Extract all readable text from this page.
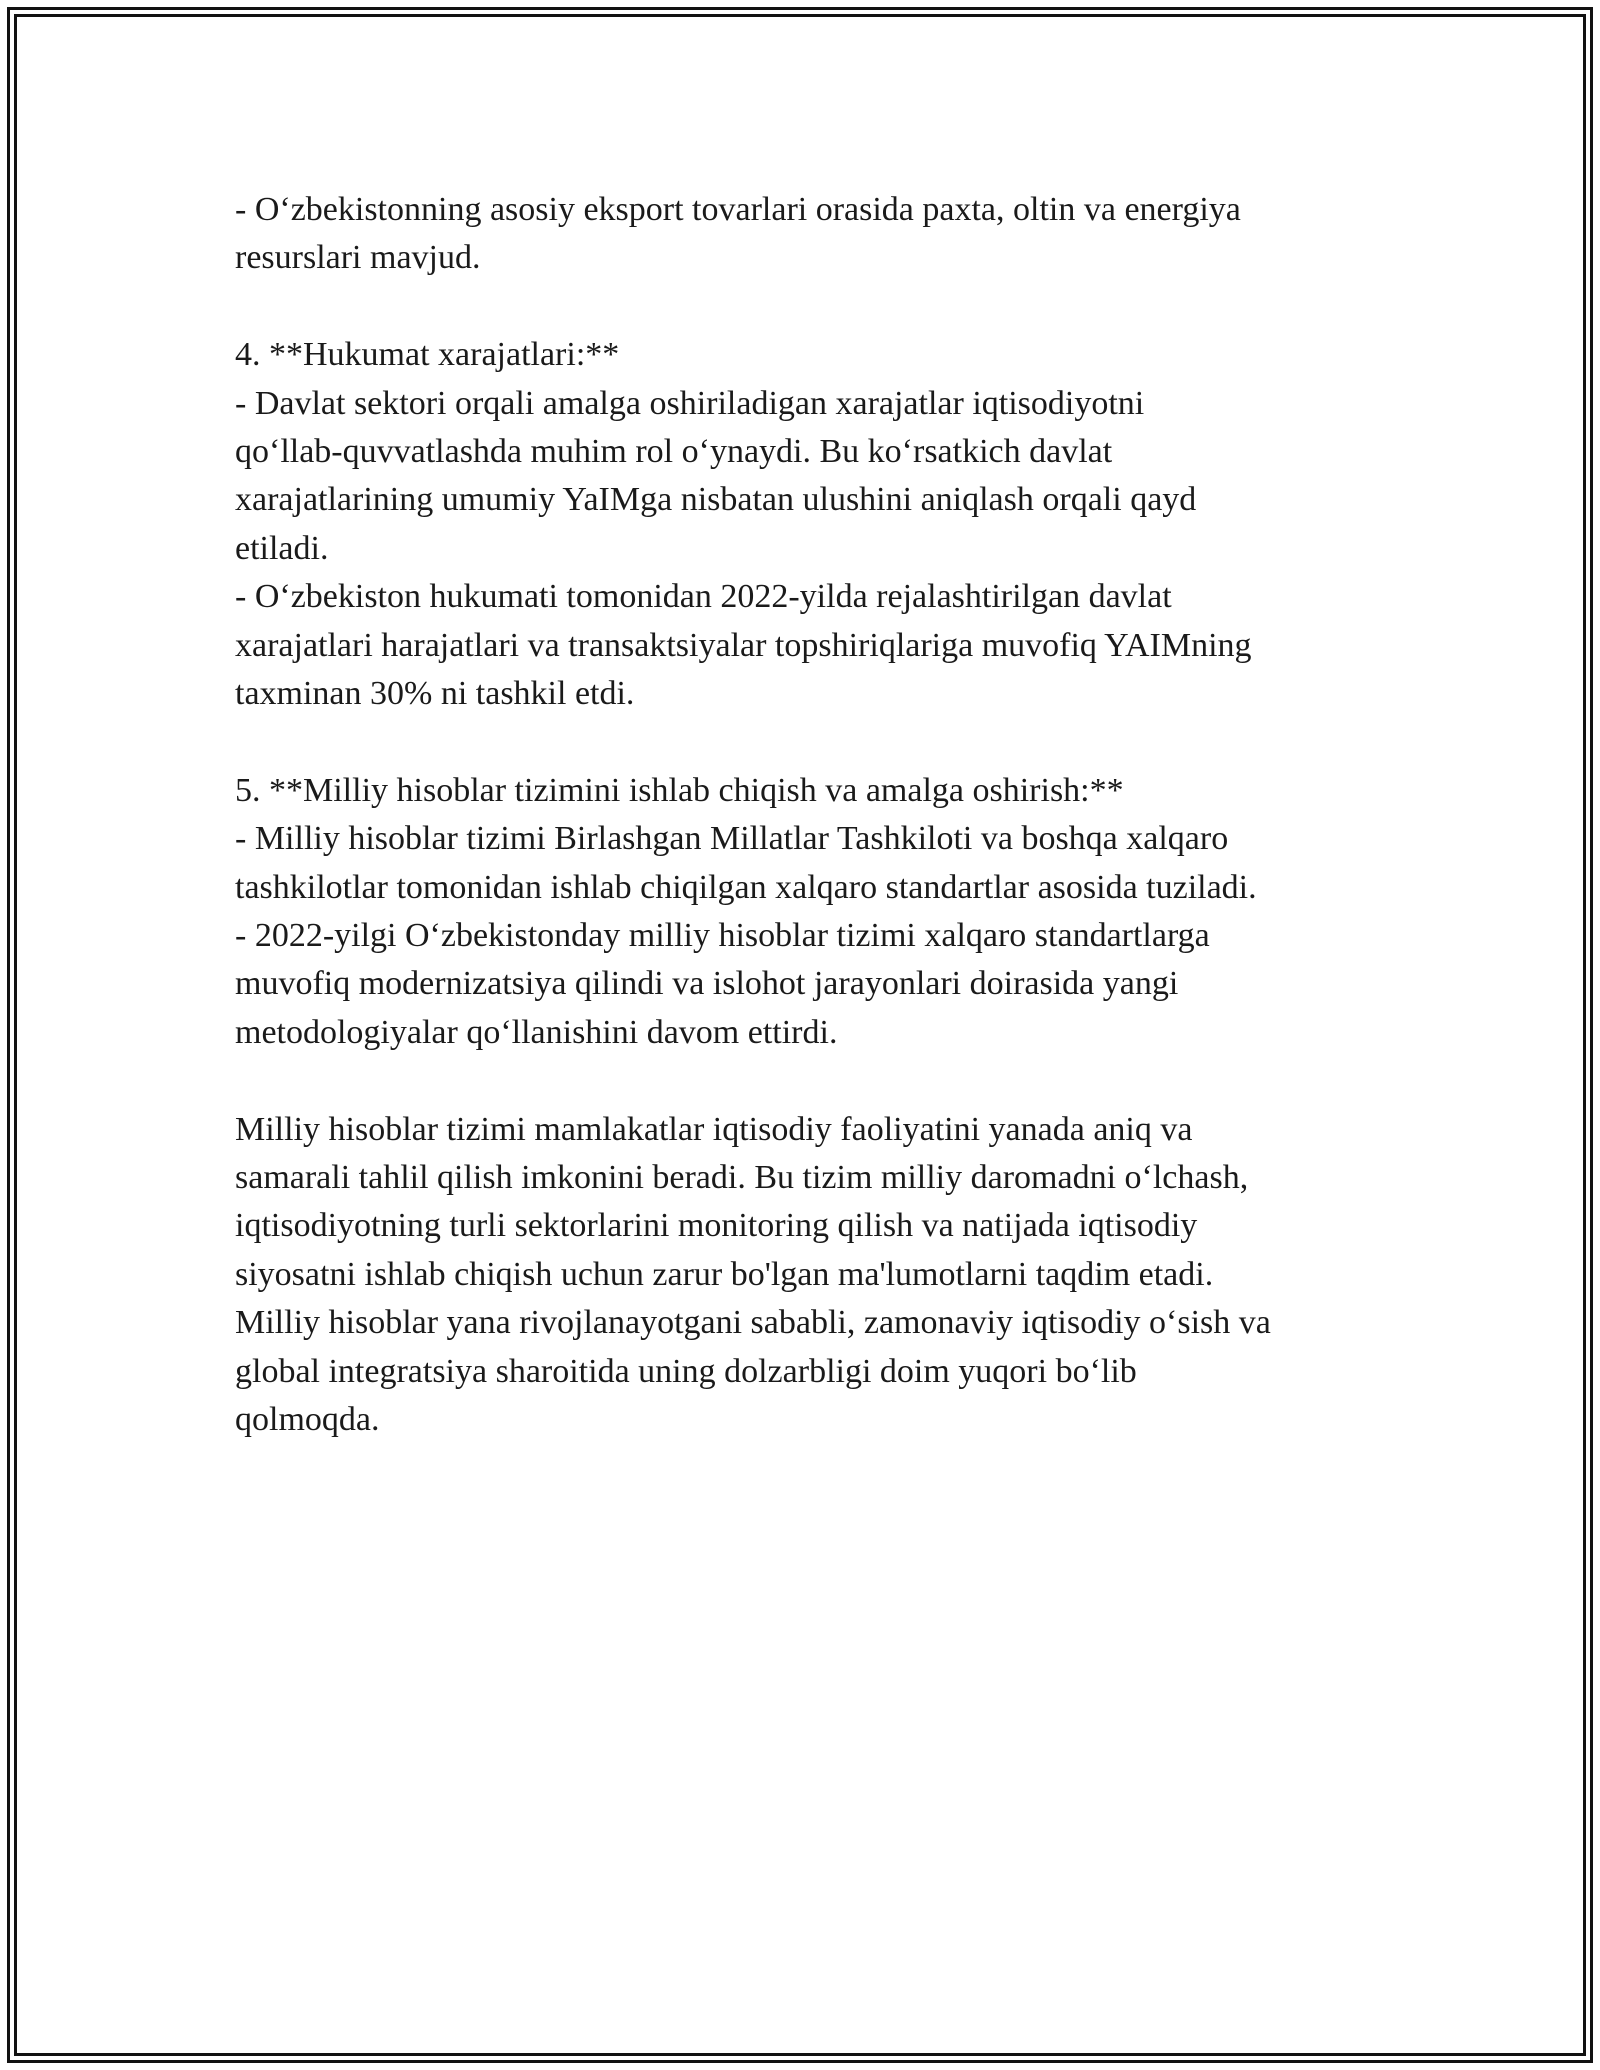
- O‘zbekistonning asosiy eksport tovarlari orasida paxta, oltin va energiya
resurslari mavjud.

4. **Hukumat xarajatlari:**

- Davlat sektori orqali amalga oshiriladigan xarajatlar iqtisodiyotni
qo‘llab-quvvatlashda muhim rol o‘ynaydi. Bu ko‘rsatkich davlat
xarajatlarining umumiy YaIMga nisbatan ulushini aniqlash orqali qayd
etiladi.

- O‘zbekiston hukumati tomonidan 2022-yilda rejalashtirilgan davlat
xarajatlari harajatlari va transaktsiyalar topshiriqlariga muvofiq YAIMning
taxminan 30% ni tashkil etdi.

5. **Milliy hisoblar tizimini ishlab chiqish va amalga oshirish:**

- Milliy hisoblar tizimi Birlashgan Millatlar Tashkiloti va boshqa xalqaro
tashkilotlar tomonidan ishlab chiqilgan xalqaro standartlar asosida tuziladi.

- 2022-yilgi O‘zbekistonday milliy hisoblar tizimi xalqaro standartlarga
muvofiq modernizatsiya qilindi va islohot jarayonlari doirasida yangi
metodologiyalar qo‘llanishini davom ettirdi.

Milliy hisoblar tizimi mamlakatlar iqtisodiy faoliyatini yanada aniq va
samarali tahlil qilish imkonini beradi. Bu tizim milliy daromadni o‘lchash,
iqtisodiyotning turli sektorlarini monitoring qilish va natijada iqtisodiy
siyosatni ishlab chiqish uchun zarur bo'lgan ma'lumotlarni taqdim etadi.
Milliy hisoblar yana rivojlanayotgani sababli, zamonaviy iqtisodiy o‘sish va
global integratsiya sharoitida uning dolzarbligi doim yuqori bo‘lib
qolmoqda.
